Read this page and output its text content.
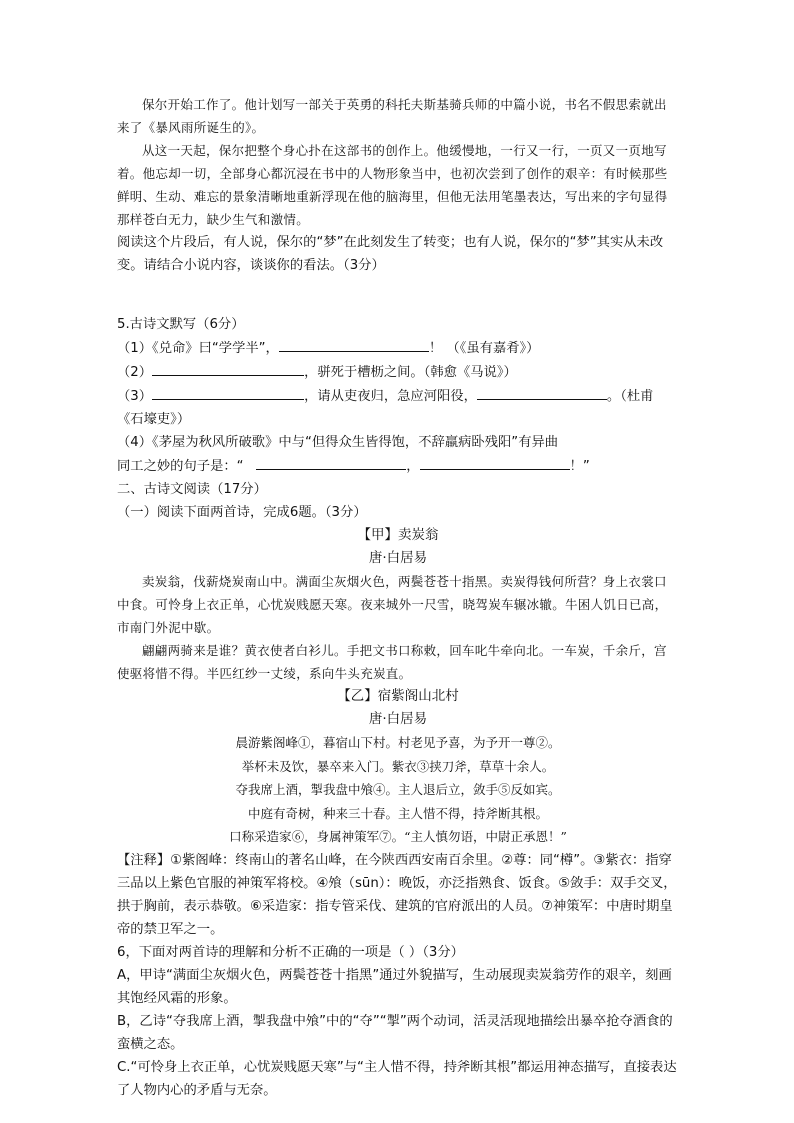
保尔开始工作了。他计划写一部关于英勇的科托夫斯基骑兵师的中篇小说，书名不假思索就出来了《暴风雨所诞生的》。

从这一天起，保尔把整个身心扑在这部书的创作上。他缓慢地，一行又一行，一页又一页地写着。他忘却一切，全部身心都沉浸在书中的人物形象当中，也初次尝到了创作的艰辛：有时候那些鲜明、生动、难忘的景象清晰地重新浮现在他的脑海里，但他无法用笔墨表达，写出来的字句显得那样苍白无力，缺少生气和激情。

阅读这个片段后，有人说，保尔的“梦”在此刻发生了转变；也有人说，保尔的“梦”其实从未改变。请结合小说内容，谈谈你的看法。（3分）

5.古诗文默写（6分）

（1）《兑命》曰“学学半”，	！ （《虽有嘉肴》）

（2）	，骈死于槽枥之间。（韩愈《马说》）

（3）	，请从吏夜归，急应河阳役，	。（杜甫《石壕吏》）

（4）《茅屋为秋风所破歌》中与“但得众生皆得饱，不辞羸病卧残阳”有异曲
同工之妙的句子是：“	，	！”

二、古诗文阅读（17分）

（一）阅读下面两首诗，完成6题。（3分）

【甲】卖炭翁

唐·白居易

卖炭翁，伐薪烧炭南山中。满面尘灰烟火色，两鬓苍苍十指黑。卖炭得钱何所营？身上衣裳口中食。可怜身上衣正单，心忧炭贱愿天寒。夜来城外一尺雪，晓驾炭车辗冰辙。牛困人饥日已高，市南门外泥中歇。

翩翩两骑来是谁？黄衣使者白衫儿。手把文书口称敕，回车叱牛牵向北。一车炭，千余斤，宫使驱将惜不得。半匹红纱一丈绫，系向牛头充炭直。

【乙】宿紫阁山北村

唐·白居易

晨游紫阁峰①，暮宿山下村。村老见予喜，为予开一尊②。

举杯未及饮，暴卒来入门。紫衣③挟刀斧，草草十余人。

夺我席上酒，掣我盘中飧④。主人退后立，敛手⑤反如宾。

中庭有奇树，种来三十春。主人惜不得，持斧断其根。

口称采造家⑥，身属神策军⑦。“主人慎勿语，中尉正承恩！”

【注释】①紫阁峰：终南山的著名山峰，在今陕西西安南百余里。②尊：同“樽”。③紫衣：指穿三品以上紫色官服的神策军将校。④飧（sūn）：晚饭，亦泛指熟食、饭食。⑤敛手：双手交叉，拱于胸前，表示恭敬。⑥采造家：指专管采伐、建筑的官府派出的人员。⑦神策军：中唐时期皇帝的禁卫军之一。

6，下面对两首诗的理解和分析不正确的一项是（ ）（3分）

A，甲诗“满面尘灰烟火色，两鬓苍苍十指黑”通过外貌描写，生动展现卖炭翁劳作的艰辛，刻画其饱经风霜的形象。

B，乙诗“夺我席上酒，掣我盘中飧”中的“夺”“掣”两个动词，活灵活现地描绘出暴卒抢夺酒食的蛮横之态。

C.“可怜身上衣正单，心忧炭贱愿天寒”与“主人惜不得，持斧断其根”都运用神态描写，直接表达了人物内心的矛盾与无奈。
